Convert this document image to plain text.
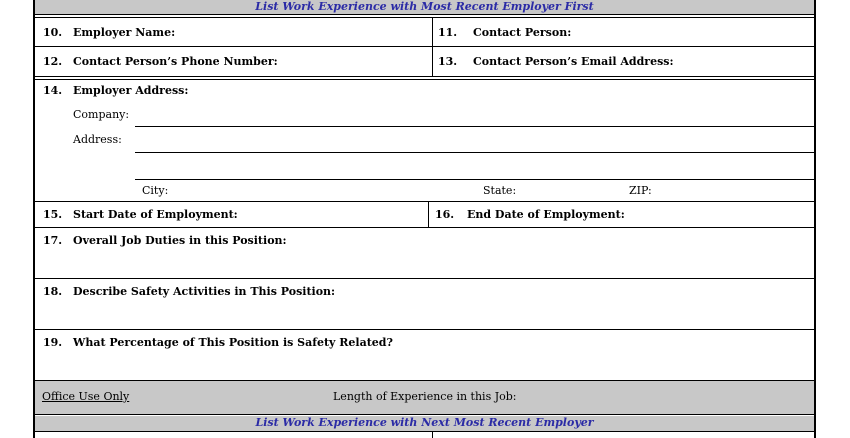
List Work Experience with Most Recent Employer First
10. Employer Name:	11. Contact Person:
12. Contact Person’s Phone Number:	13. Contact Person’s Email Address:
14. Employer Address:
Company:
Address:
City:	State:	ZIP:
15. Start Date of Employment:	16. End Date of Employment:
17. Overall Job Duties in this Position:
18. Describe Safety Activities in This Position:
19. What Percentage of This Position is Safety Related?
Office Use Only	Length of Experience in this Job:
List Work Experience with Next Most Recent Employer
